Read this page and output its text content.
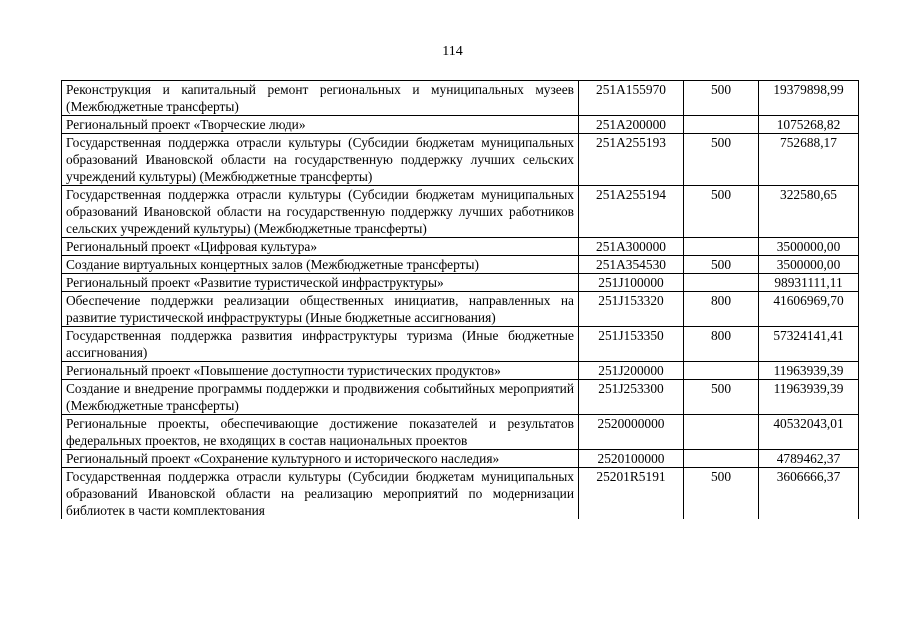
114
Реконструкция и капитальный ремонт региональных и муниципальных музеев (Межбюджетные трансферты)	251A155970	500	19379898,99
Региональный проект «Творческие люди»	251A200000		1075268,82
Государственная поддержка отрасли культуры (Субсидии бюджетам муниципальных образований Ивановской области на государственную поддержку лучших сельских учреждений культуры) (Межбюджетные трансферты)	251A255193	500	752688,17
Государственная поддержка отрасли культуры (Субсидии бюджетам муниципальных образований Ивановской области на государственную поддержку лучших работников сельских учреждений культуры) (Межбюджетные трансферты)	251A255194	500	322580,65
Региональный проект «Цифровая культура»	251A300000		3500000,00
Создание виртуальных концертных залов (Межбюджетные трансферты)	251A354530	500	3500000,00
Региональный проект «Развитие туристической инфраструктуры»	251J100000		98931111,11
Обеспечение поддержки реализации общественных инициатив, направленных на развитие туристической инфраструктуры (Иные бюджетные ассигнования)	251J153320	800	41606969,70
Государственная поддержка развития инфраструктуры туризма (Иные бюджетные ассигнования)	251J153350	800	57324141,41
Региональный проект «Повышение доступности туристических продуктов»	251J200000		11963939,39
Создание и внедрение программы поддержки и продвижения событийных мероприятий (Межбюджетные трансферты)	251J253300	500	11963939,39
Региональные проекты, обеспечивающие достижение показателей и результатов федеральных проектов, не входящих в состав национальных проектов	2520000000		40532043,01
Региональный проект «Сохранение культурного и исторического наследия»	2520100000		4789462,37
Государственная поддержка отрасли культуры (Субсидии бюджетам муниципальных образований Ивановской области на реализацию мероприятий по модернизации библиотек в части комплектования	25201R5191	500	3606666,37
